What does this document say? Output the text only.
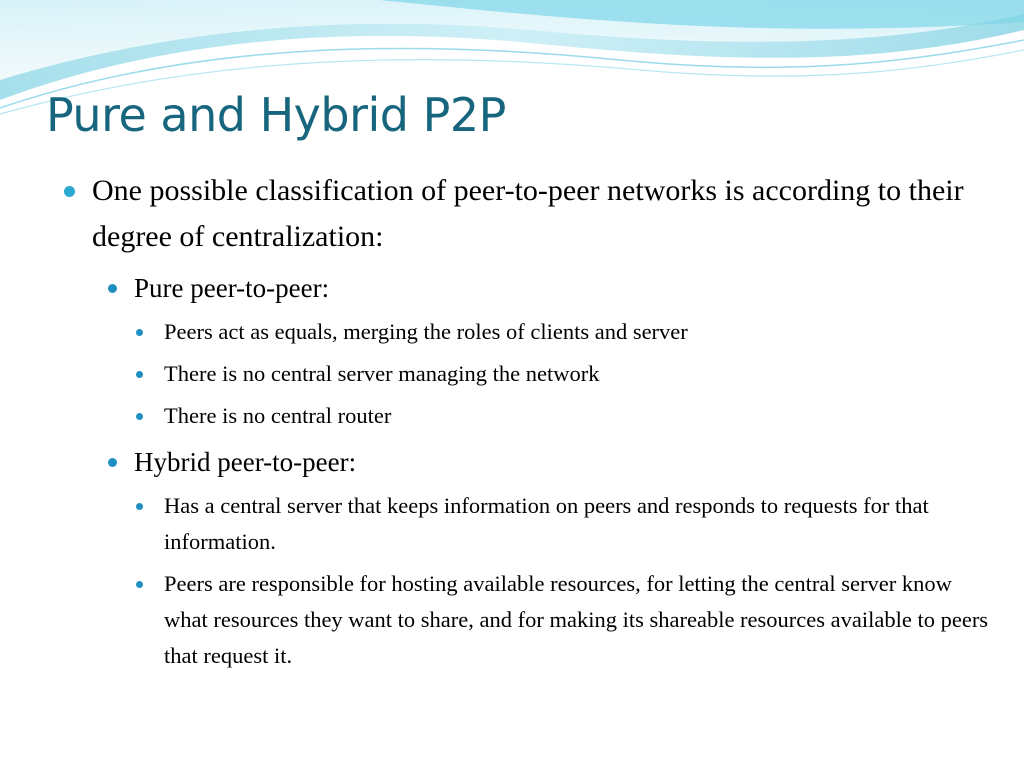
Pure and Hybrid P2P
One possible classification of peer-to-peer networks is according to their degree of centralization:
Pure peer-to-peer:
Peers act as equals, merging the roles of clients and server
There is no central server managing the network
There is no central router
Hybrid peer-to-peer:
Has a central server that keeps information on peers and responds to requests for that information.
Peers are responsible for hosting available resources, for letting the central server know what resources they want to share, and for making its shareable resources available to peers that request it.
